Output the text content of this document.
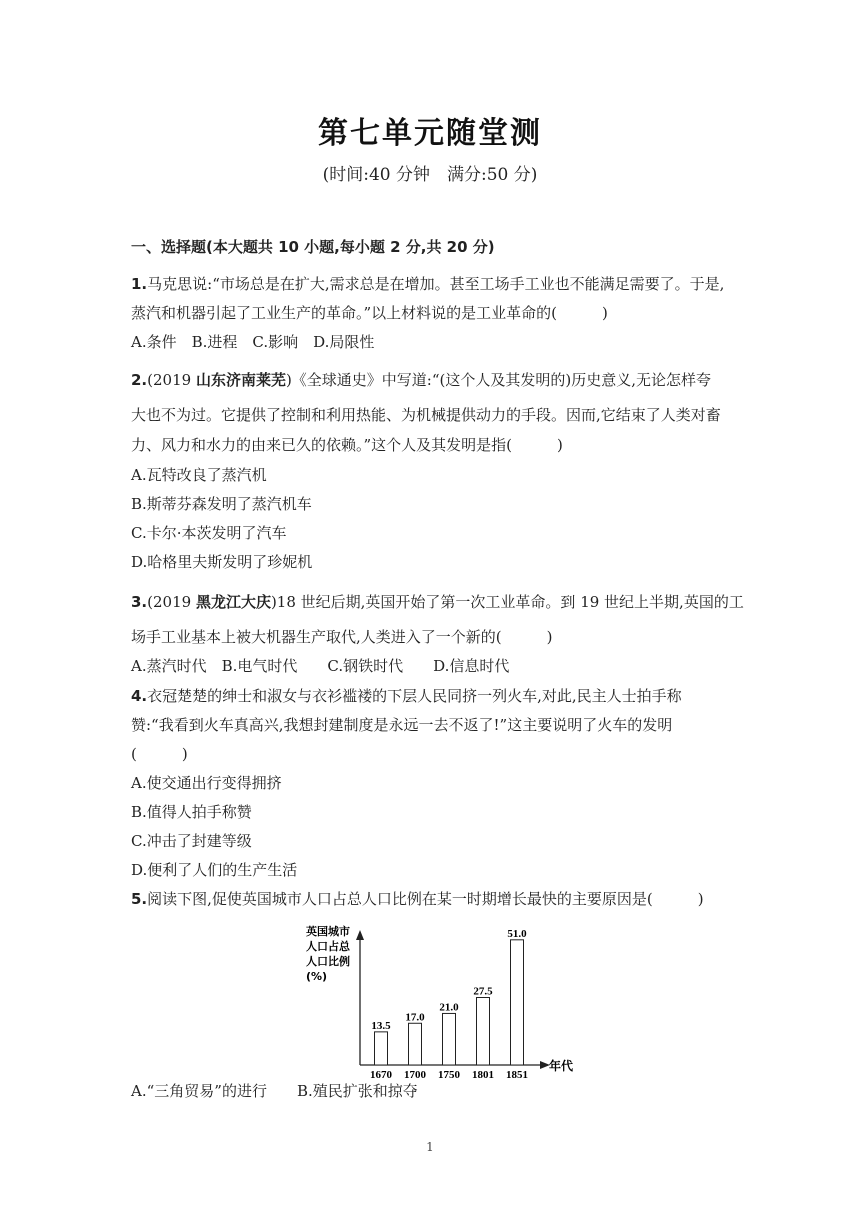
第七单元随堂测
(时间:40 分钟　满分:50 分)
一、选择题(本大题共 10 小题,每小题 2 分,共 20 分)
1.马克思说:“市场总是在扩大,需求总是在增加。甚至工场手工业也不能满足需要了。于是,
蒸汽和机器引起了工业生产的革命。”以上材料说的是工业革命的(　　　)
A.条件　B.进程　C.影响　D.局限性
2.(2019 山东济南莱芜)《全球通史》中写道:“(这个人及其发明的)历史意义,无论怎样夸
大也不为过。它提供了控制和利用热能、为机械提供动力的手段。因而,它结束了人类对畜
力、风力和水力的由来已久的依赖。”这个人及其发明是指(　　　)
A.瓦特改良了蒸汽机
B.斯蒂芬森发明了蒸汽机车
C.卡尔·本茨发明了汽车
D.哈格里夫斯发明了珍妮机
3.(2019 黑龙江大庆)18 世纪后期,英国开始了第一次工业革命。到 19 世纪上半期,英国的工
场手工业基本上被大机器生产取代,人类进入了一个新的(　　　)
A.蒸汽时代　B.电气时代　　C.钢铁时代　　D.信息时代
4.衣冠楚楚的绅士和淑女与衣衫褴褛的下层人民同挤一列火车,对此,民主人士拍手称
赞:“我看到火车真高兴,我想封建制度是永远一去不返了!”这主要说明了火车的发明
(　　　)
A.使交通出行变得拥挤
B.值得人拍手称赞
C.冲击了封建等级
D.便利了人们的生产生活
5.阅读下图,促使英国城市人口占总人口比例在某一时期增长最快的主要原因是(　　　)
英国城市
人口占总
人口比例
(%)
年代
13.5
1670
17.0
1700
21.0
1750
27.5
1801
51.0
1851
A.“三角贸易”的进行　　B.殖民扩张和掠夺
1
